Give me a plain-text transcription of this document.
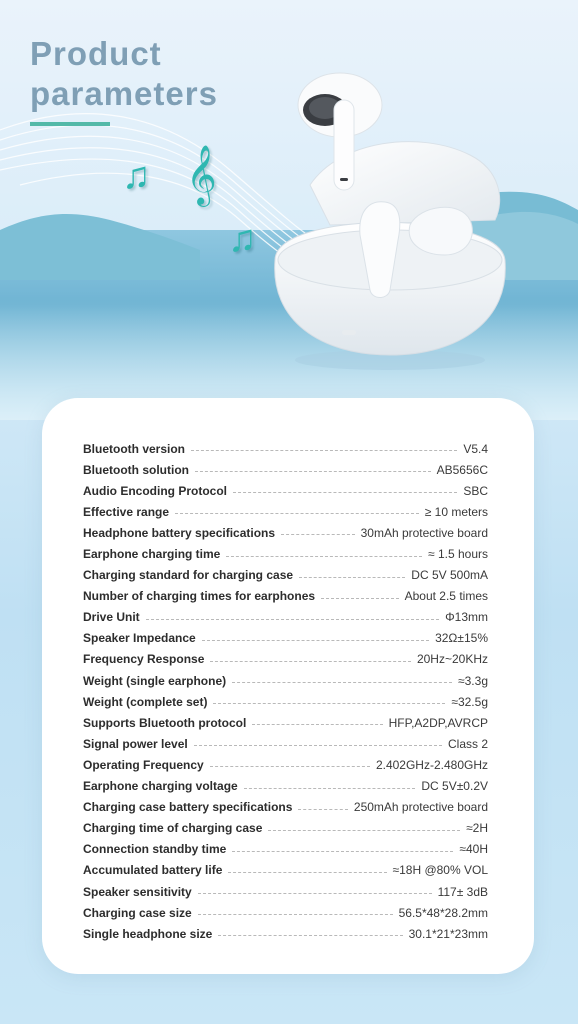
♫ 𝄞
♫
Product
parameters
Bluetooth version	V5.4
Bluetooth solution	AB5656C
Audio Encoding Protocol	SBC
Effective range	≥ 10 meters
Headphone battery specifications	30mAh protective board
Earphone charging time	≈ 1.5 hours
Charging standard for charging case	DC 5V 500mA
Number of charging times for earphones	About 2.5 times
Drive Unit	Φ13mm
Speaker Impedance	32Ω±15%
Frequency Response	20Hz~20KHz
Weight (single earphone)	≈3.3g
Weight (complete set)	≈32.5g
Supports Bluetooth protocol	HFP,A2DP,AVRCP
Signal power level	Class 2
Operating Frequency	2.402GHz-2.480GHz
Earphone charging voltage	DC 5V±0.2V
Charging case battery specifications	250mAh protective board
Charging time of charging case	≈2H
Connection standby time	≈40H
Accumulated battery life	≈18H @80% VOL
Speaker sensitivity	117± 3dB
Charging case size	56.5*48*28.2mm
Single headphone size	30.1*21*23mm
